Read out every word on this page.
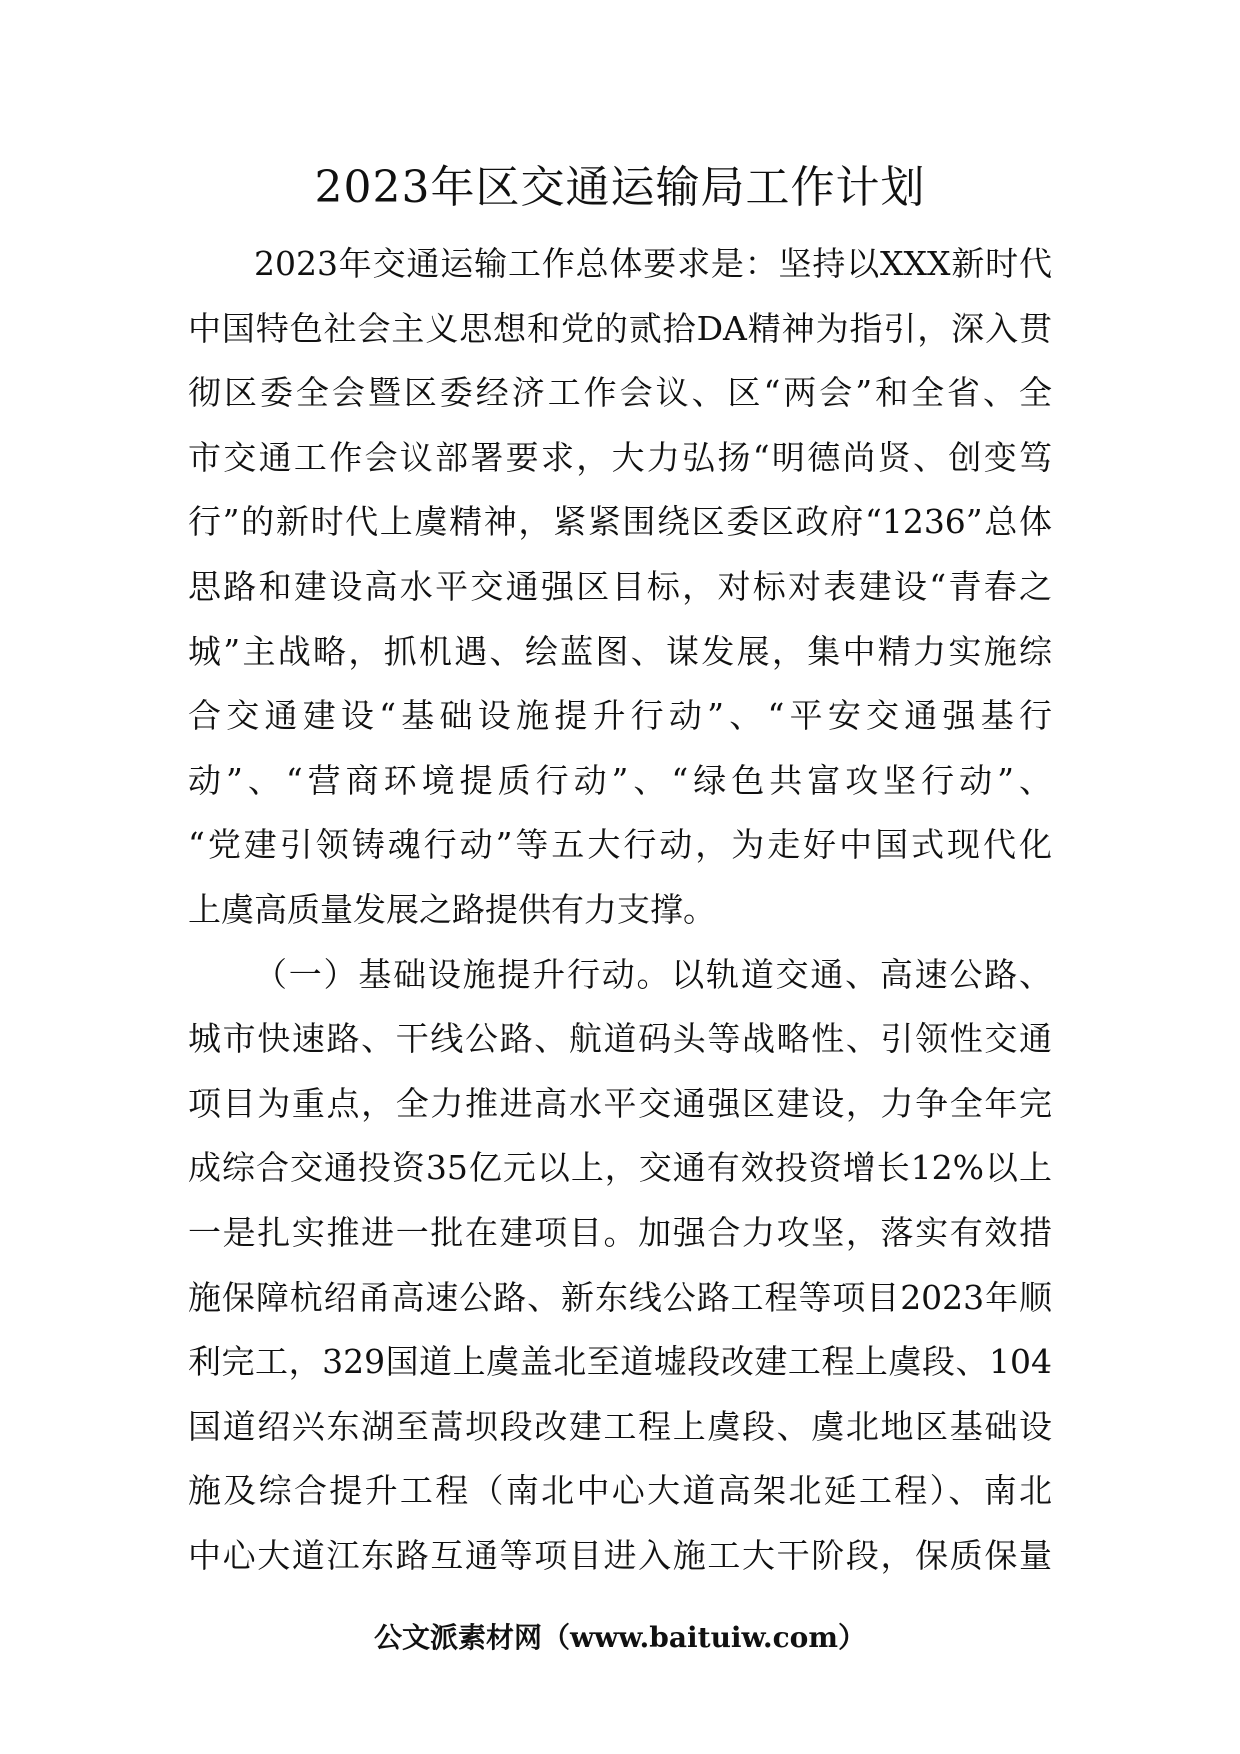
2023年区交通运输局工作计划
2023年交通运输工作总体要求是：坚持以XXX新时代
中国特色社会主义思想和党的贰拾DA精神为指引，深入贯
彻区委全会暨区委经济工作会议、区“两会”和全省、全
市交通工作会议部署要求，大力弘扬“明德尚贤、创变笃
行”的新时代上虞精神，紧紧围绕区委区政府“1236”总体
思路和建设高水平交通强区目标，对标对表建设“青春之
城”主战略，抓机遇、绘蓝图、谋发展，集中精力实施综
合交通建设“基础设施提升行动”、“平安交通强基行
动”、“营商环境提质行动”、“绿色共富攻坚行动”、
“党建引领铸魂行动”等五大行动，为走好中国式现代化
上虞高质量发展之路提供有力支撑。
（一）基础设施提升行动。以轨道交通、高速公路、
城市快速路、干线公路、航道码头等战略性、引领性交通
项目为重点，全力推进高水平交通强区建设，力争全年完
成综合交通投资35亿元以上，交通有效投资增长12%以上
一是扎实推进一批在建项目。加强合力攻坚，落实有效措
施保障杭绍甬高速公路、新东线公路工程等项目2023年顺
利完工，329国道上虞盖北至道墟段改建工程上虞段、104
国道绍兴东湖至蒿坝段改建工程上虞段、虞北地区基础设
施及综合提升工程（南北中心大道高架北延工程）、南北
中心大道江东路互通等项目进入施工大干阶段，保质保量
公文派素材网（www.baituiw.com）
